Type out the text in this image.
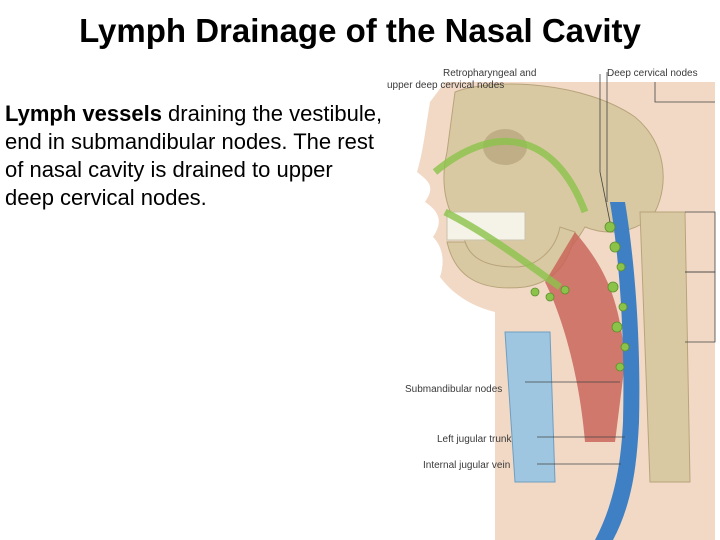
Lymph Drainage of the Nasal Cavity
Lymph vessels draining the vestibule, end in submandibular nodes. The rest of nasal cavity is drained to upper deep cervical nodes.
Retropharyngeal and
upper deep cervical nodes
Deep cervical nodes
Submandibular nodes
Left jugular trunk
Internal jugular vein
